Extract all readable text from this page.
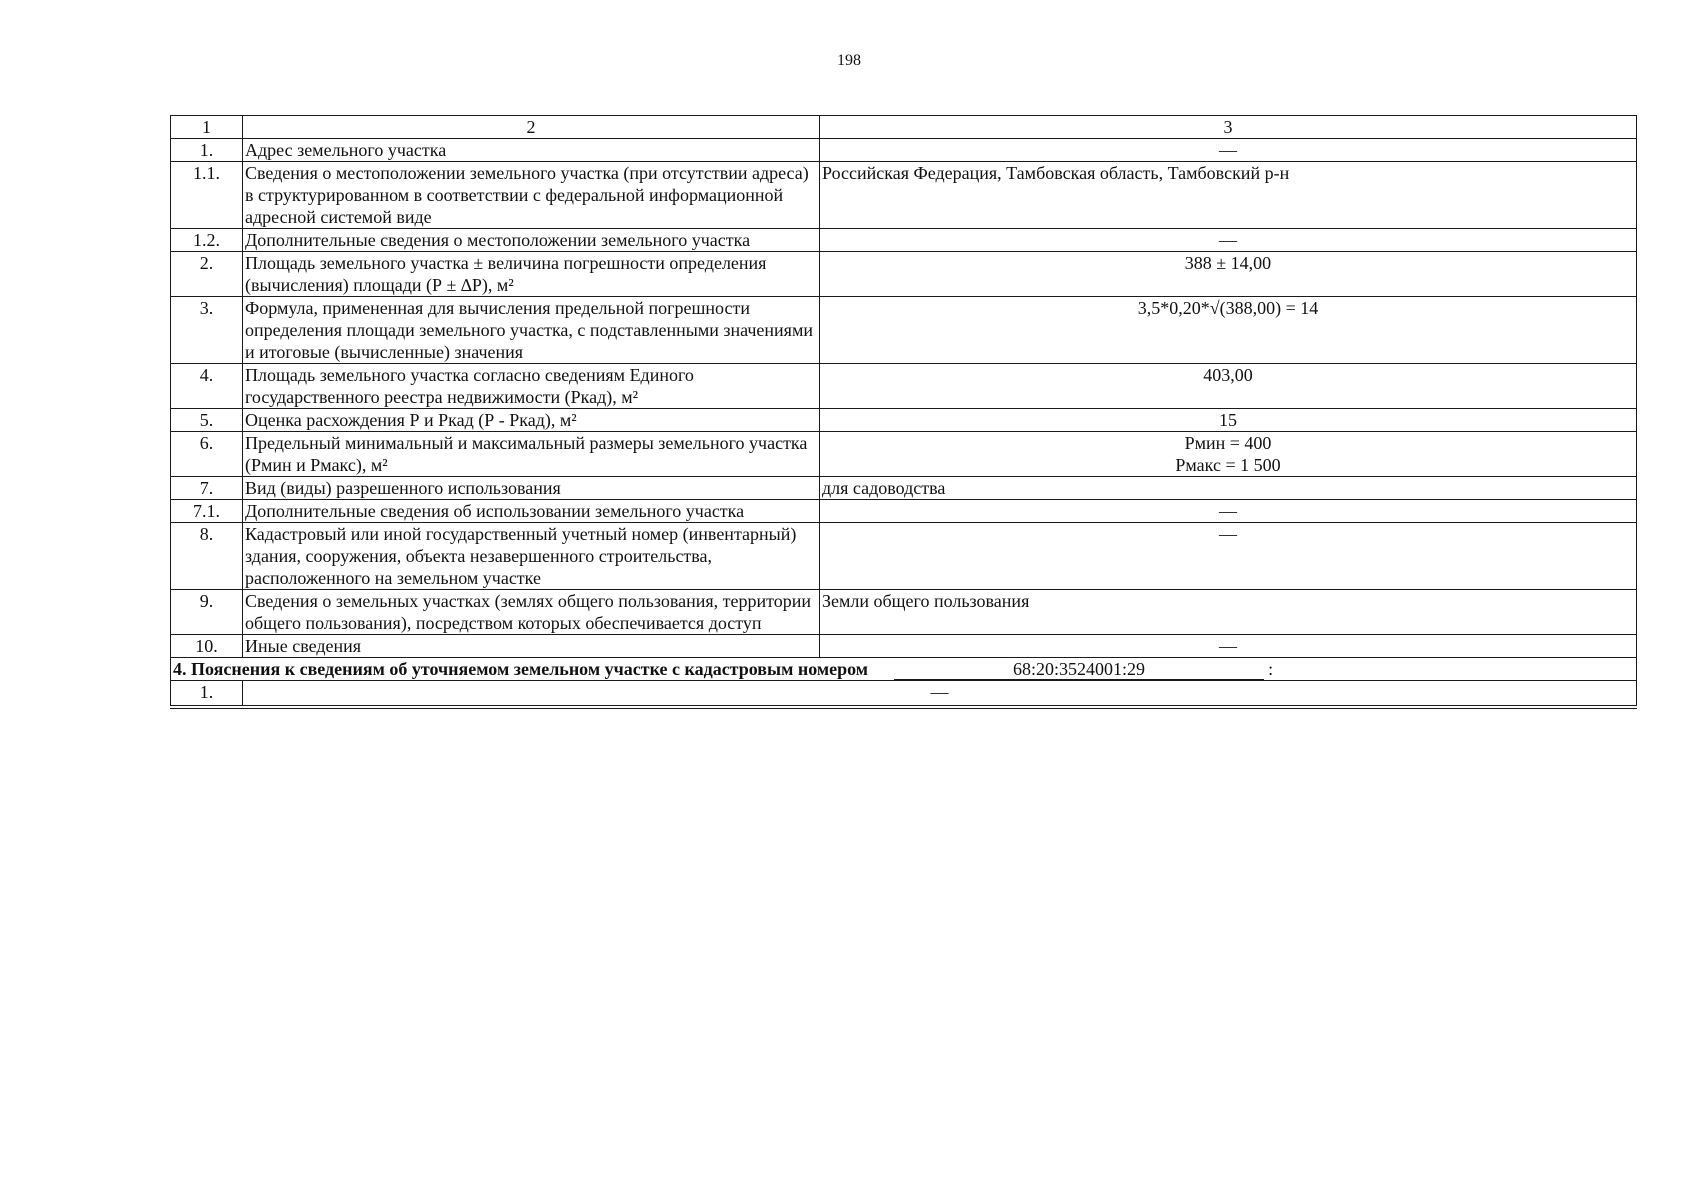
198
1	2	3
1.	Адрес земельного участка	—
1.1.	Сведения о местоположении земельного участка (при отсутствии адреса) в структурированном в соответствии с федеральной информационной адресной системой виде	Российская Федерация, Тамбовская область, Тамбовский р-н
1.2.	Дополнительные сведения о местоположении земельного участка	—
2.	Площадь земельного участка ± величина погрешности определения (вычисления) площади (Р ± ∆Р), м²	388 ± 14,00
3.	Формула, примененная для вычисления предельной погрешности определения площади земельного участка, с подставленными значениями и итоговые (вычисленные) значения	3,5*0,20*√(388,00) = 14
4.	Площадь земельного участка согласно сведениям Единого государственного реестра недвижимости (Ркад), м²	403,00
5.	Оценка расхождения Р и Ркад (Р - Ркад), м²	15
6.	Предельный минимальный и максимальный размеры земельного участка (Рмин и Рмакс), м²	Рмин = 400
Рмакс = 1 500

7.	Вид (виды) разрешенного использования	для садоводства
7.1.	Дополнительные сведения об использовании земельного участка	—
8.	Кадастровый или иной государственный учетный номер (инвентарный) здания, сооружения, объекта незавершенного строительства, расположенного на земельном участке	—
9.	Сведения о земельных участках (землях общего пользования, территории общего пользования), посредством которых обеспечивается доступ	Земли общего пользования
10.	Иные сведения	—
4. Пояснения к сведениям об уточняемом земельном участке с кадастровым номером 68:20:3524001:29 :		
1.	—	
